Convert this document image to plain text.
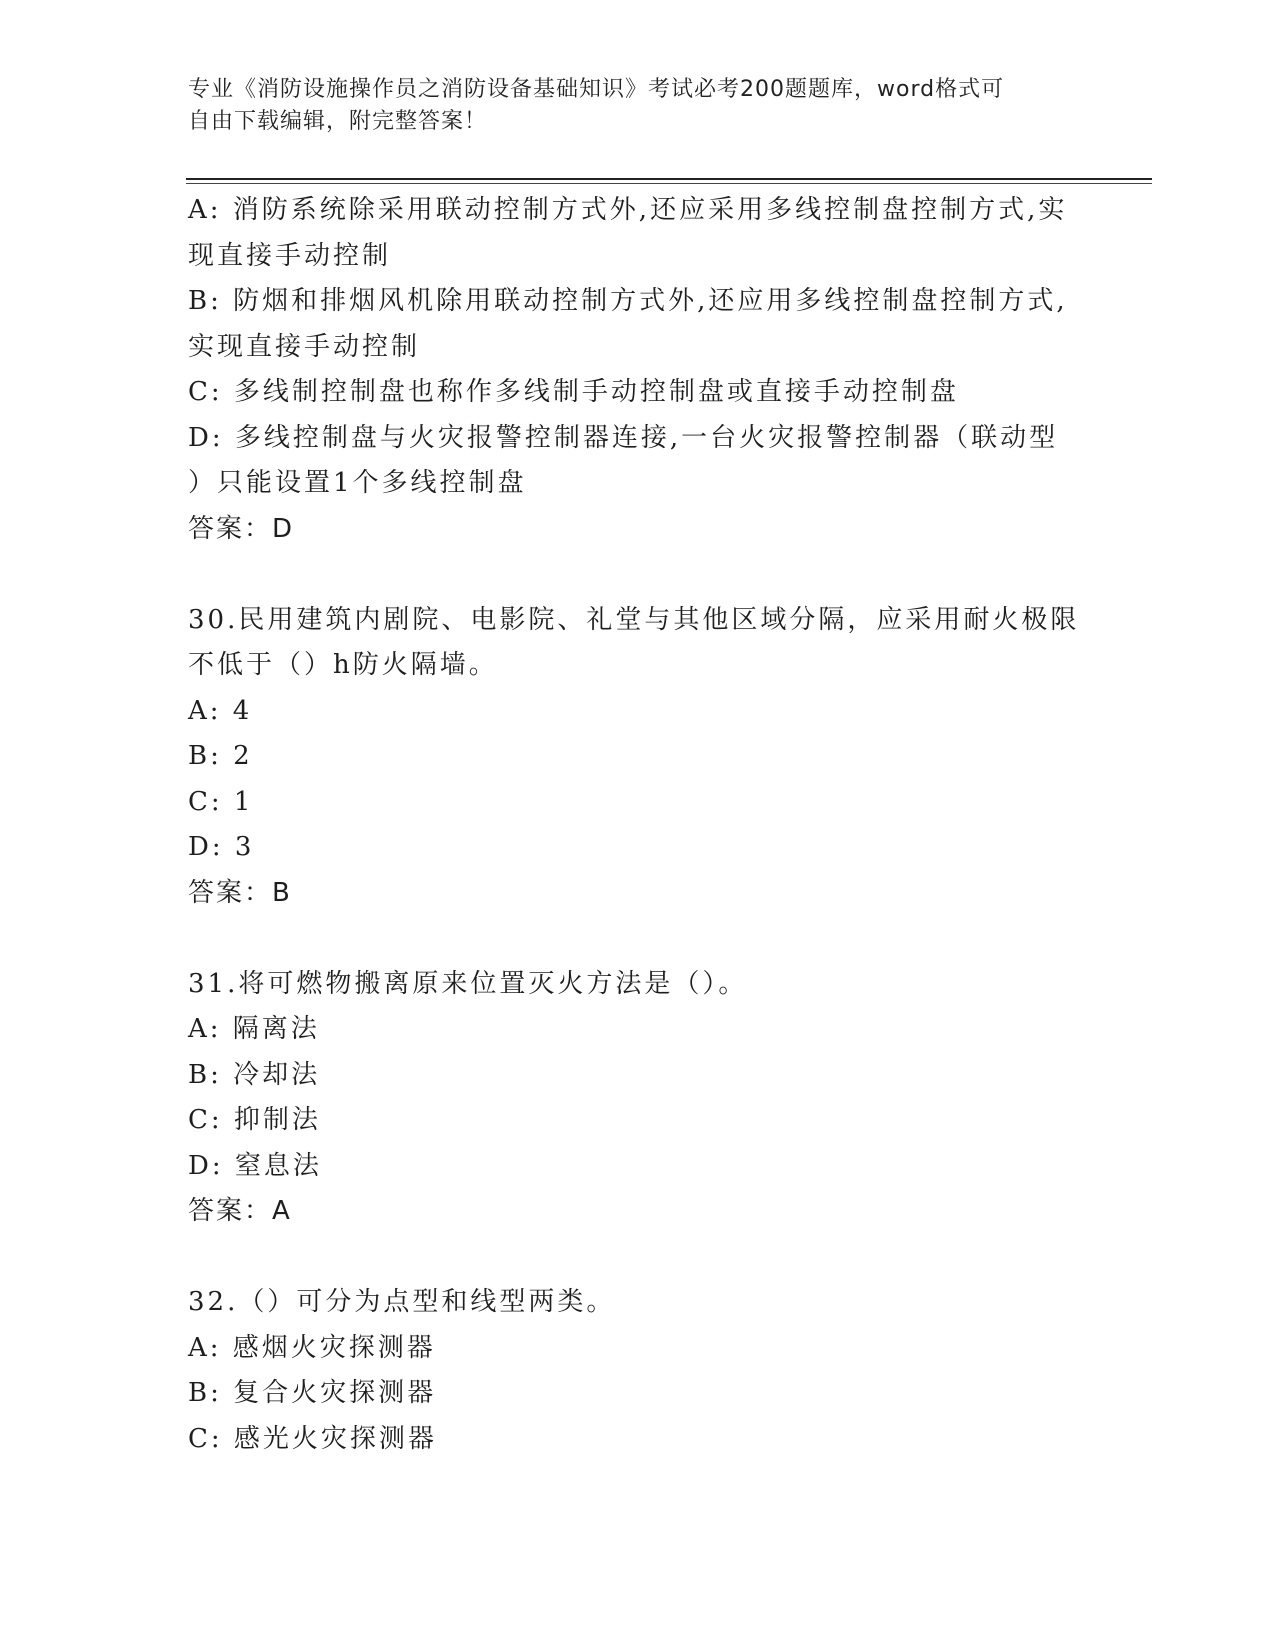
专业《消防设施操作员之消防设备基础知识》考试必考200题题库，word格式可
自由下载编辑，附完整答案！
A: 消防系统除采用联动控制方式外,还应采用多线控制盘控制方式,实
现直接手动控制
B: 防烟和排烟风机除用联动控制方式外,还应用多线控制盘控制方式,
实现直接手动控制
C: 多线制控制盘也称作多线制手动控制盘或直接手动控制盘
D: 多线控制盘与火灾报警控制器连接,一台火灾报警控制器（联动型
）只能设置1个多线控制盘
答案：D
30.民用建筑内剧院、电影院、礼堂与其他区域分隔，应采用耐火极限
不低于（）h防火隔墙。
A: 4
B: 2
C: 1
D: 3
答案：B
31.将可燃物搬离原来位置灭火方法是（）。
A: 隔离法
B: 冷却法
C: 抑制法
D: 窒息法
答案：A
32.（）可分为点型和线型两类。
A: 感烟火灾探测器
B: 复合火灾探测器
C: 感光火灾探测器
